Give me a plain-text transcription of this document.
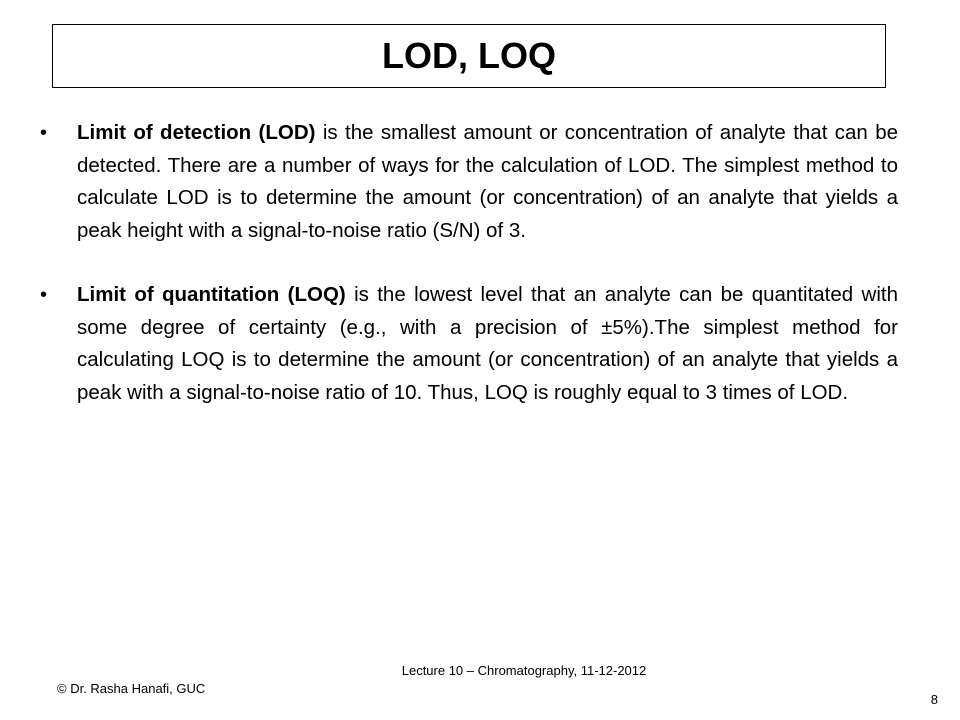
LOD, LOQ
•	Limit of detection (LOD) is the smallest amount or concentration of analyte that can be detected. There are a number of ways for the calculation of LOD. The simplest method to calculate LOD is to determine the amount (or concentration) of an analyte that yields a peak height with a signal-to-noise ratio (S/N) of 3.
•	Limit of quantitation (LOQ) is the lowest level that an analyte can be quantitated with some degree of certainty (e.g., with a precision of ±5%).The simplest method for calculating LOQ is to determine the amount (or concentration) of an analyte that yields a peak with a signal-to-noise ratio of 10. Thus, LOQ is roughly equal to 3 times of LOD.
Lecture 10 – Chromatography, 11-12-2012
© Dr. Rasha Hanafi, GUC
8
